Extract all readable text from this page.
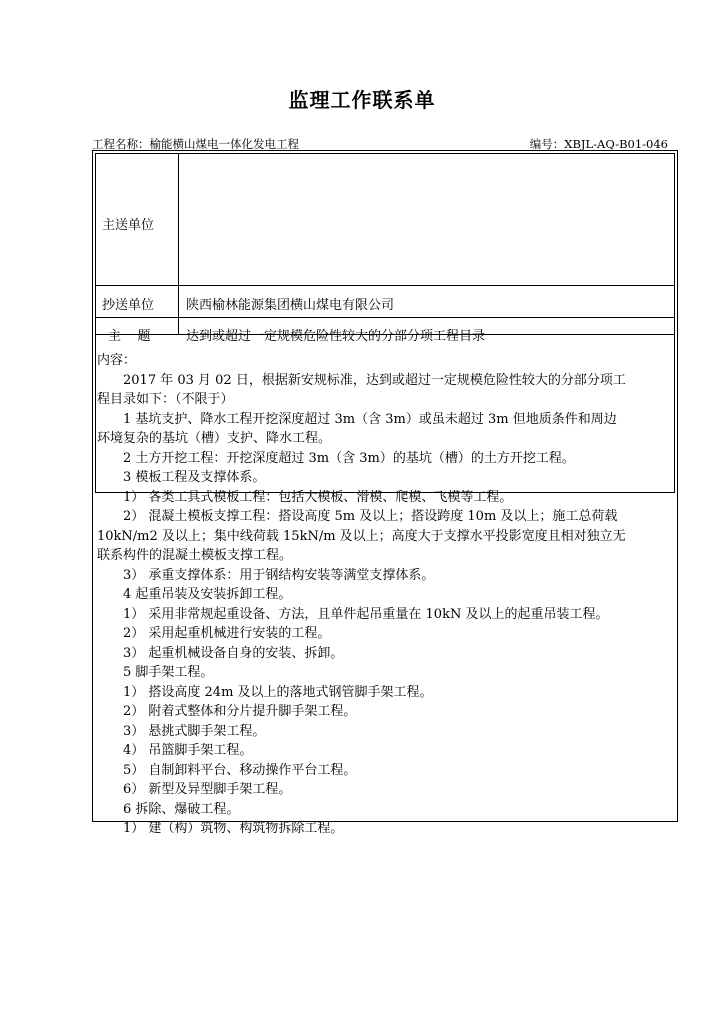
监理工作联系单
工程名称：榆能横山煤电一体化发电工程	编号：XBJL-AQ-B01-046
主送单位
抄送单位 陕西榆林能源集团横山煤电有限公司
主    题	达到或超过一定规模危险性较大的分部分项工程目录

内容：

2017 年 03 月 02 日，根据新安规标准，达到或超过一定规模危险性较大的分部分项工

程目录如下：（不限于）

1 基坑支护、降水工程开挖深度超过 3m（含 3m）或虽未超过 3m 但地质条件和周边

环境复杂的基坑（槽）支护、降水工程。

2 土方开挖工程：开挖深度超过 3m（含 3m）的基坑（槽）的土方开挖工程。

3 模板工程及支撑体系。

1） 各类工具式模板工程：包括大模板、滑模、爬模、飞模等工程。

2） 混凝土模板支撑工程：搭设高度 5m 及以上；搭设跨度 10m 及以上；施工总荷载

10kN/m2 及以上；集中线荷载 15kN/m 及以上；高度大于支撑水平投影宽度且相对独立无

联系构件的混凝土模板支撑工程。

3） 承重支撑体系：用于钢结构安装等满堂支撑体系。

4 起重吊装及安装拆卸工程。

1） 采用非常规起重设备、方法，且单件起吊重量在 10kN 及以上的起重吊装工程。

2） 采用起重机械进行安装的工程。

3） 起重机械设备自身的安装、拆卸。

5 脚手架工程。

1） 搭设高度 24m 及以上的落地式钢管脚手架工程。

2） 附着式整体和分片提升脚手架工程。

3） 悬挑式脚手架工程。

4） 吊篮脚手架工程。

5） 自制卸料平台、移动操作平台工程。

6） 新型及异型脚手架工程。

6 拆除、爆破工程。

1） 建（构）筑物、构筑物拆除工程。
